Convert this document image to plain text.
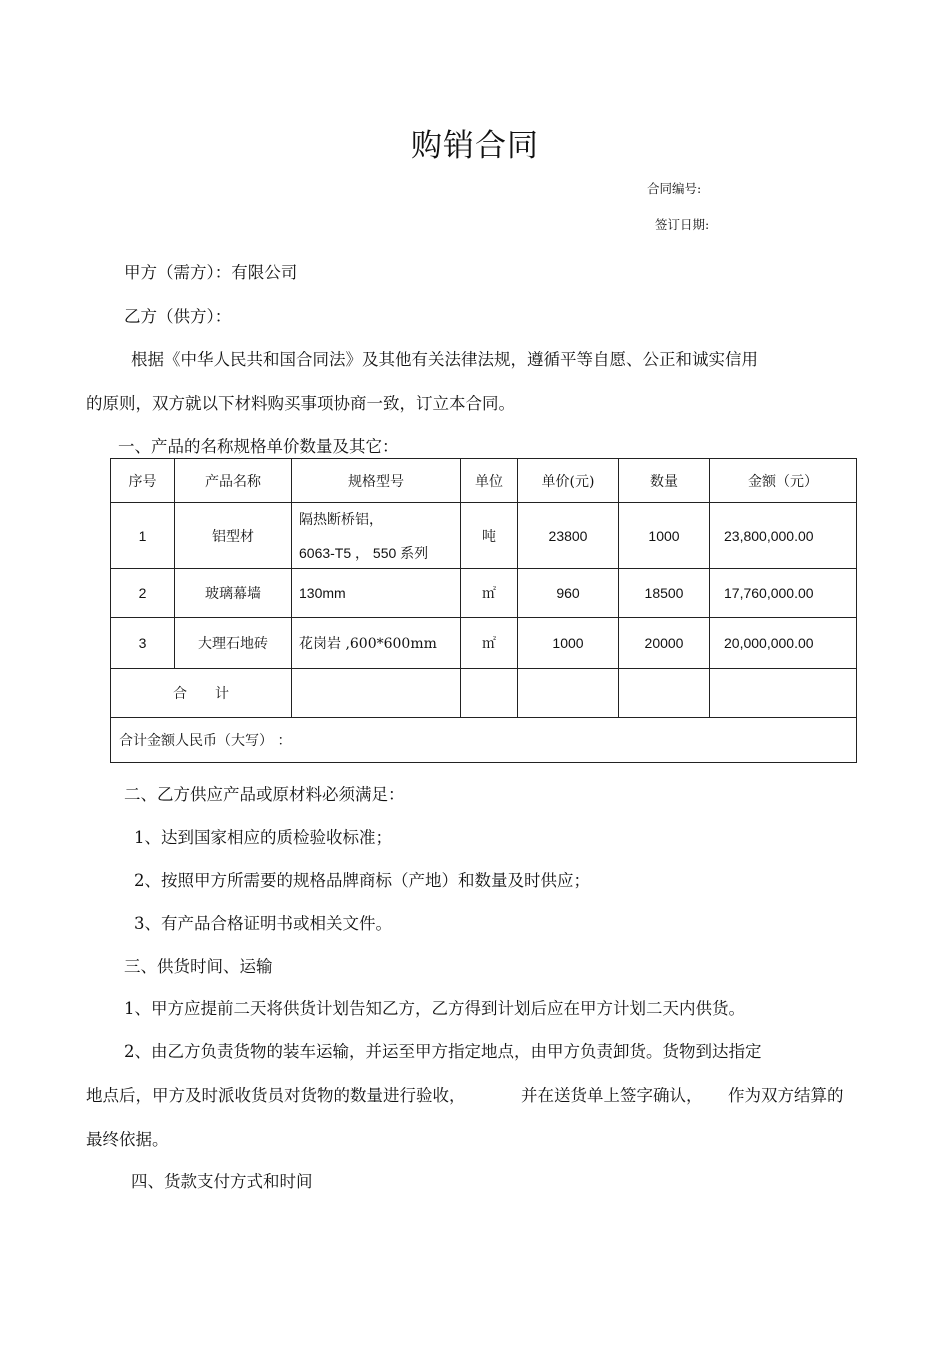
购销合同
合同编号:
签订日期:

甲方（需方）：有限公司

乙方（供方）：

根据《中华人民共和国合同法》及其他有关法律法规，遵循平等自愿、公正和诚实信用

的原则，双方就以下材料购买事项协商一致，订立本合同。

一、产品的名称规格单价数量及其它：

序号	产品名称	规格型号	单位	单价(元)	数量	金额（元）
1	铝型材	隔热断桥铝，
6063-T5 ， 550 系列	吨	23800	1000	23,800,000.00
2	玻璃幕墙	130mm	㎡	960	18500	17,760,000.00
3	大理石地砖	花岗岩 ,600*600mm	㎡	1000	20000	20,000,000.00
合 计						
合计金额人民币（大写） ：						

二、乙方供应产品或原材料必须满足：

1、达到国家相应的质检验收标准；

2、按照甲方所需要的规格品牌商标（产地）和数量及时供应；

3、有产品合格证明书或相关文件。

三、供货时间、运输

1、甲方应提前二天将供货计划告知乙方，乙方得到计划后应在甲方计划二天内供货。

2、由乙方负责货物的装车运输，并运至甲方指定地点，由甲方负责卸货。货物到达指定

地点后，甲方及时派收货员对货物的数量进行验收，	并在送货单上签字确认， 作为双方结算的

最终依据。

四、货款支付方式和时间
